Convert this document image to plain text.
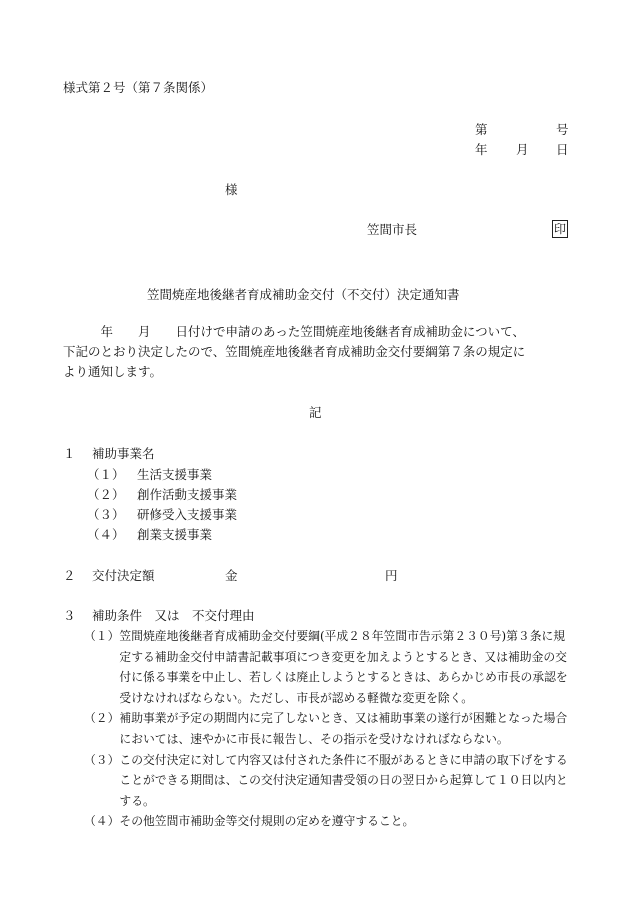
様式第２号（第７条関係）
第	号
年 月 日
様
笠間市長	印
笠間焼産地後継者育成補助金交付（不交付）決定通知書

　年　　月　　日付けで申請のあった笠間焼産地後継者育成補助金について、

下記のとおり決定したので、笠間焼産地後継者育成補助金交付要綱第７条の規定に

より通知します。

記
１ 補助事業名
（１） 生活支援事業
（２） 創作活動支援事業
（３） 研修受入支援事業
（４） 創業支援事業
２ 交付決定額	金	円
３ 補助条件　又は　不交付理由
（１） 笠間焼産地後継者育成補助金交付要綱(平成２８年笠間市告示第２３０号)第３条に規定する補助金交付申請書記載事項につき変更を加えようとするとき、又は補助金の交付に係る事業を中止し、若しくは廃止しようとするときは、あらかじめ市長の承認を受けなければならない。ただし、市長が認める軽微な変更を除く。
（２） 補助事業が予定の期間内に完了しないとき、又は補助事業の遂行が困難となった場合においては、速やかに市長に報告し、その指示を受けなければならない。
（３） この交付決定に対して内容又は付された条件に不服があるときに申請の取下げをすることができる期間は、この交付決定通知書受領の日の翌日から起算して１０日以内とする。
（４） その他笠間市補助金等交付規則の定めを遵守すること。
